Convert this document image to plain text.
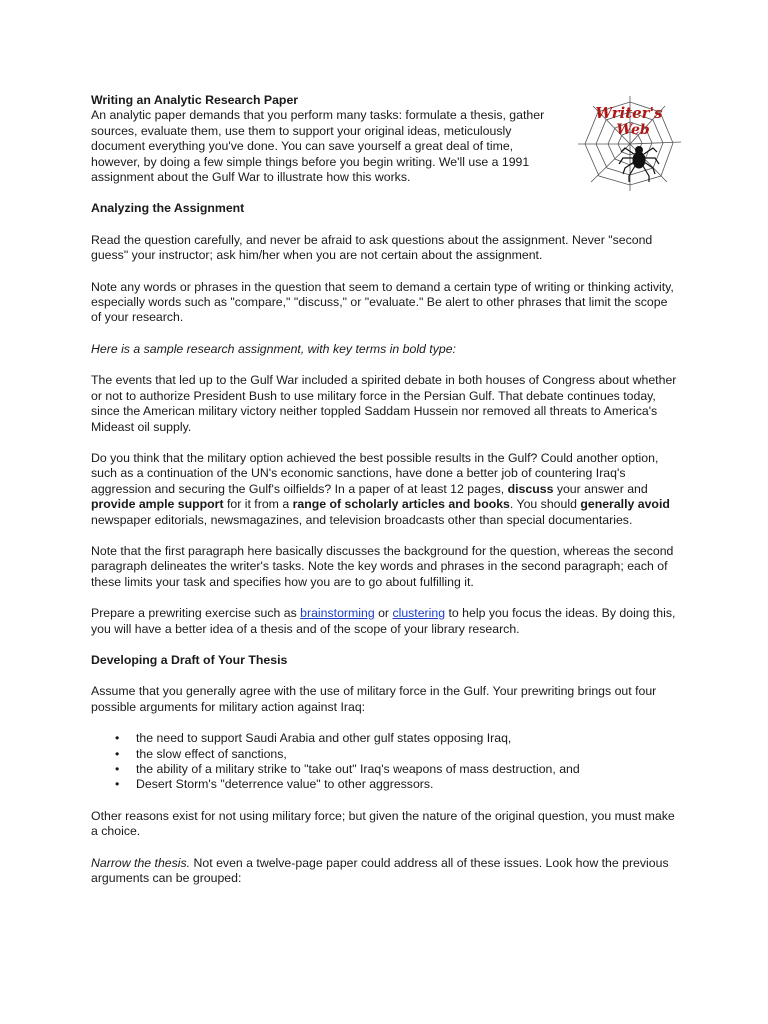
Writer's
Web
Writing an Analytic Research Paper

An analytic paper demands that you perform many tasks: formulate a thesis, gather sources, evaluate them, use them to support your original ideas, meticulously document everything you've done. You can save yourself a great deal of time, however, by doing a few simple things before you begin writing. We'll use a 1991 assignment about the Gulf War to illustrate how this works.

Analyzing the Assignment

Read the question carefully, and never be afraid to ask questions about the assignment. Never "second guess" your instructor; ask him/her when you are not certain about the assignment.

Note any words or phrases in the question that seem to demand a certain type of writing or thinking activity, especially words such as "compare," "discuss," or "evaluate." Be alert to other phrases that limit the scope of your research.

Here is a sample research assignment, with key terms in bold type:

The events that led up to the Gulf War included a spirited debate in both houses of Congress about whether or not to authorize President Bush to use military force in the Persian Gulf. That debate continues today, since the American military victory neither toppled Saddam Hussein nor removed all threats to America's Mideast oil supply.

Do you think that the military option achieved the best possible results in the Gulf? Could another option, such as a continuation of the UN's economic sanctions, have done a better job of countering Iraq's aggression and securing the Gulf's oilfields? In a paper of at least 12 pages, discuss your answer and provide ample support for it from a range of scholarly articles and books. You should generally avoid newspaper editorials, newsmagazines, and television broadcasts other than special documentaries.

Note that the first paragraph here basically discusses the background for the question, whereas the second paragraph delineates the writer's tasks. Note the key words and phrases in the second paragraph; each of these limits your task and specifies how you are to go about fulfilling it.

Prepare a prewriting exercise such as brainstorming or clustering to help you focus the ideas. By doing this, you will have a better idea of a thesis and of the scope of your library research.

Developing a Draft of Your Thesis

Assume that you generally agree with the use of military force in the Gulf. Your prewriting brings out four possible arguments for military action against Iraq:

• the need to support Saudi Arabia and other gulf states opposing Iraq,
• the slow effect of sanctions,
• the ability of a military strike to "take out" Iraq's weapons of mass destruction, and
• Desert Storm's "deterrence value" to other aggressors.

Other reasons exist for not using military force; but given the nature of the original question, you must make a choice.

Narrow the thesis. Not even a twelve-page paper could address all of these issues. Look how the previous arguments can be grouped:
